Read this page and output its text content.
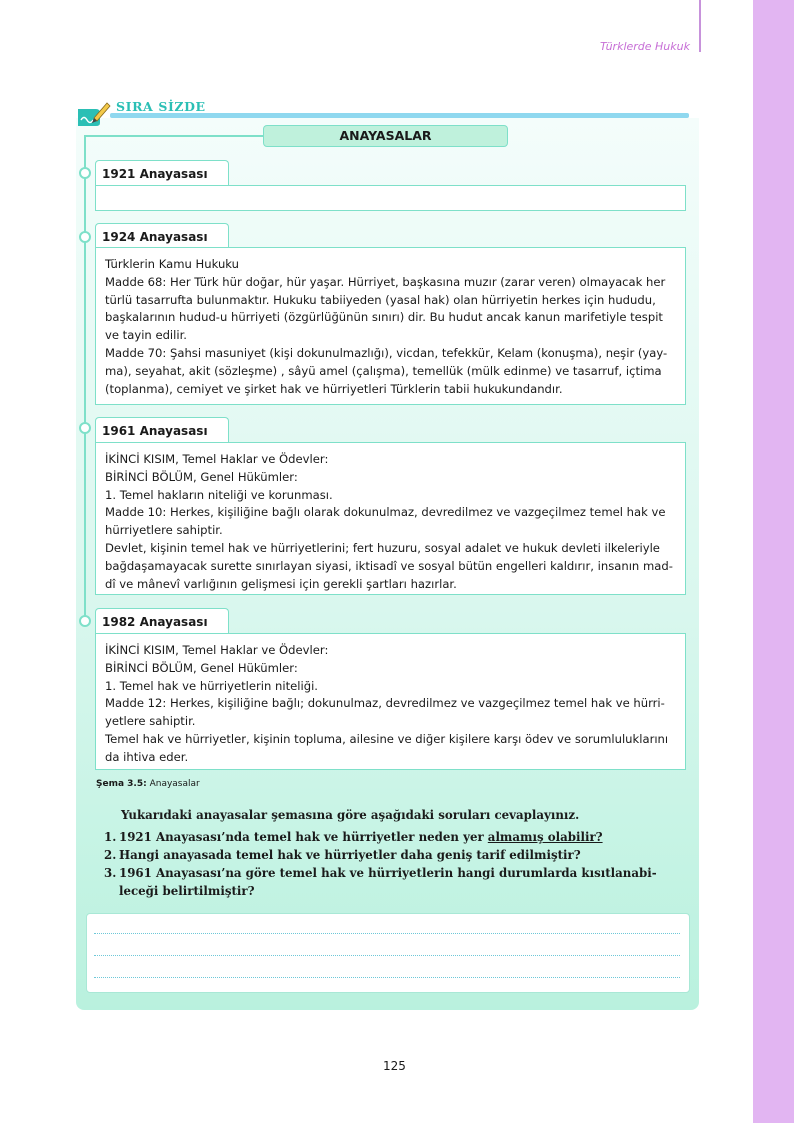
Türklerde Hukuk
SIRA SİZDE
ANAYASALAR
1921 Anayasası
1924 Anayasası
Türklerin Kamu Hukuku
Madde 68: Her Türk hür doğar, hür yaşar. Hürriyet, başkasına muzır (zarar veren) olmayacak her
türlü tasarrufta bulunmaktır. Hukuku tabiiyeden (yasal hak) olan hürriyetin herkes için hududu,
başkalarının hudud-u hürriyeti (özgürlüğünün sınırı) dir. Bu hudut ancak kanun marifetiyle tespit
ve tayin edilir.
Madde 70: Şahsi masuniyet (kişi dokunulmazlığı), vicdan, tefekkür, Kelam (konuşma), neşir (yay-
ma), seyahat, akit (sözleşme) , sâyü amel (çalışma), temellük (mülk edinme) ve tasarruf, içtima
(toplanma), cemiyet ve şirket hak ve hürriyetleri Türklerin tabii hukukundandır.
1961 Anayasası
İKİNCİ KISIM, Temel Haklar ve Ödevler:
BİRİNCİ BÖLÜM, Genel Hükümler:
1. Temel hakların niteliği ve korunması.
Madde 10: Herkes, kişiliğine bağlı olarak dokunulmaz, devredilmez ve vazgeçilmez temel hak ve
hürriyetlere sahiptir.
Devlet, kişinin temel hak ve hürriyetlerini; fert huzuru, sosyal adalet ve hukuk devleti ilkeleriyle
bağdaşamayacak surette sınırlayan siyasi, iktisadî ve sosyal bütün engelleri kaldırır, insanın mad-
dî ve mânevî varlığının gelişmesi için gerekli şartları hazırlar.
1982 Anayasası
İKİNCİ KISIM, Temel Haklar ve Ödevler:
BİRİNCİ BÖLÜM, Genel Hükümler:
1. Temel hak ve hürriyetlerin niteliği.
Madde 12: Herkes, kişiliğine bağlı; dokunulmaz, devredilmez ve vazgeçilmez temel hak ve hürri-
yetlere sahiptir.
Temel hak ve hürriyetler, kişinin topluma, ailesine ve diğer kişilere karşı ödev ve sorumluluklarını
da ihtiva eder.
Şema 3.5: Anayasalar
Yukarıdaki anayasalar şemasına göre aşağıdaki soruları cevaplayınız.
1. 1921 Anayasası’nda temel hak ve hürriyetler neden yer almamış olabilir?
2. Hangi anayasada temel hak ve hürriyetler daha geniş tarif edilmiştir?
3. 1961 Anayasası’na göre temel hak ve hürriyetlerin hangi durumlarda kısıtlanabi-leceği belirtilmiştir?
125
